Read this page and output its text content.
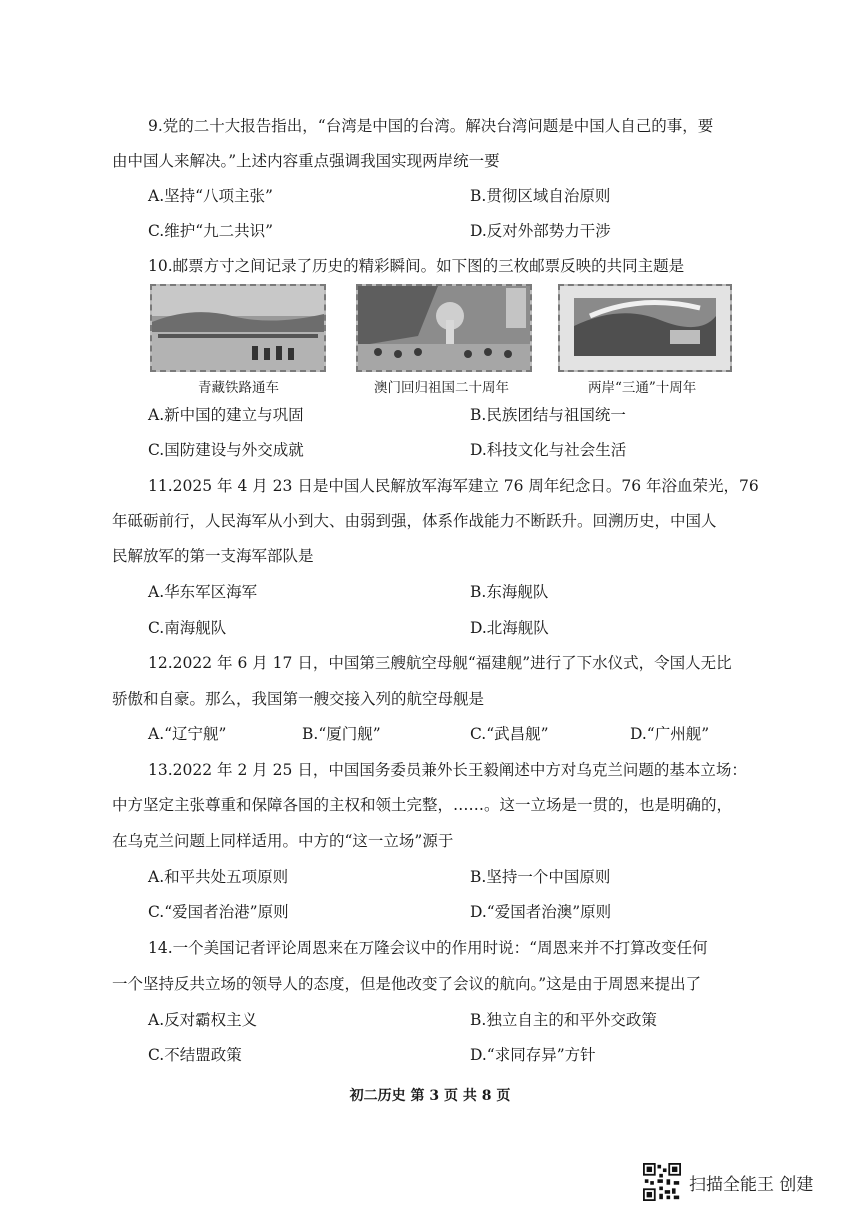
9.党的二十大报告指出，“台湾是中国的台湾。解决台湾问题是中国人自己的事，要
由中国人来解决。”上述内容重点强调我国实现两岸统一要
A.坚持“八项主张”	B.贯彻区域自治原则
C.维护“九二共识”	D.反对外部势力干涉
10.邮票方寸之间记录了历史的精彩瞬间。如下图的三枚邮票反映的共同主题是
青藏铁路通车	澳门回归祖国二十周年	两岸“三通”十周年
A.新中国的建立与巩固	B.民族团结与祖国统一
C.国防建设与外交成就	D.科技文化与社会生活
11.2025 年 4 月 23 日是中国人民解放军海军建立 76 周年纪念日。76 年浴血荣光，76
年砥砺前行，人民海军从小到大、由弱到强，体系作战能力不断跃升。回溯历史，中国人
民解放军的第一支海军部队是
A.华东军区海军	B.东海舰队
C.南海舰队	D.北海舰队
12.2022 年 6 月 17 日，中国第三艘航空母舰“福建舰”进行了下水仪式，令国人无比
骄傲和自豪。那么，我国第一艘交接入列的航空母舰是
A.“辽宁舰”	B.“厦门舰”	C.“武昌舰”	D.“广州舰”
13.2022 年 2 月 25 日，中国国务委员兼外长王毅阐述中方对乌克兰问题的基本立场：
中方坚定主张尊重和保障各国的主权和领土完整，……。这一立场是一贯的，也是明确的，
在乌克兰问题上同样适用。中方的“这一立场”源于
A.和平共处五项原则	B.坚持一个中国原则
C.“爱国者治港”原则	D.“爱国者治澳”原则
14.一个美国记者评论周恩来在万隆会议中的作用时说：“周恩来并不打算改变任何
一个坚持反共立场的领导人的态度，但是他改变了会议的航向。”这是由于周恩来提出了
A.反对霸权主义	B.独立自主的和平外交政策
C.不结盟政策	D.“求同存异”方针
初二历史 第 3 页 共 8 页
扫描全能王 创建
